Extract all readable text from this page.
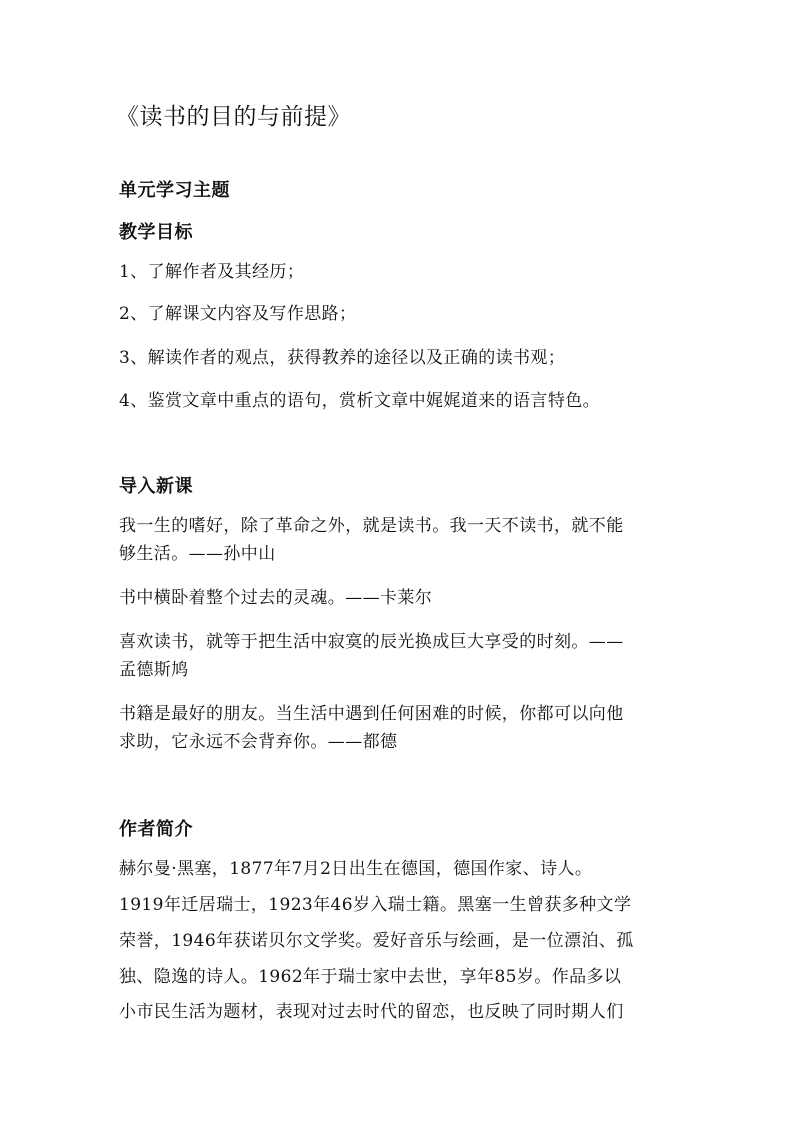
《读书的目的与前提》
单元学习主题
教学目标
1、了解作者及其经历；
2、了解课文内容及写作思路；
3、解读作者的观点，获得教养的途径以及正确的读书观；
4、鉴赏文章中重点的语句，赏析文章中娓娓道来的语言特色。
导入新课
我一生的嗜好，除了革命之外，就是读书。我一天不读书，就不能
够生活。——孙中山
书中横卧着整个过去的灵魂。——卡莱尔
喜欢读书，就等于把生活中寂寞的辰光换成巨大享受的时刻。——
孟德斯鸠
书籍是最好的朋友。当生活中遇到任何困难的时候，你都可以向他
求助，它永远不会背弃你。——都德
作者简介
赫尔曼·黑塞，1877年7月2日出生在德国，德国作家、诗人。
1919年迁居瑞士，1923年46岁入瑞士籍。黑塞一生曾获多种文学
荣誉，1946年获诺贝尔文学奖。爱好音乐与绘画，是一位漂泊、孤
独、隐逸的诗人。1962年于瑞士家中去世，享年85岁。作品多以
小市民生活为题材，表现对过去时代的留恋，也反映了同时期人们
